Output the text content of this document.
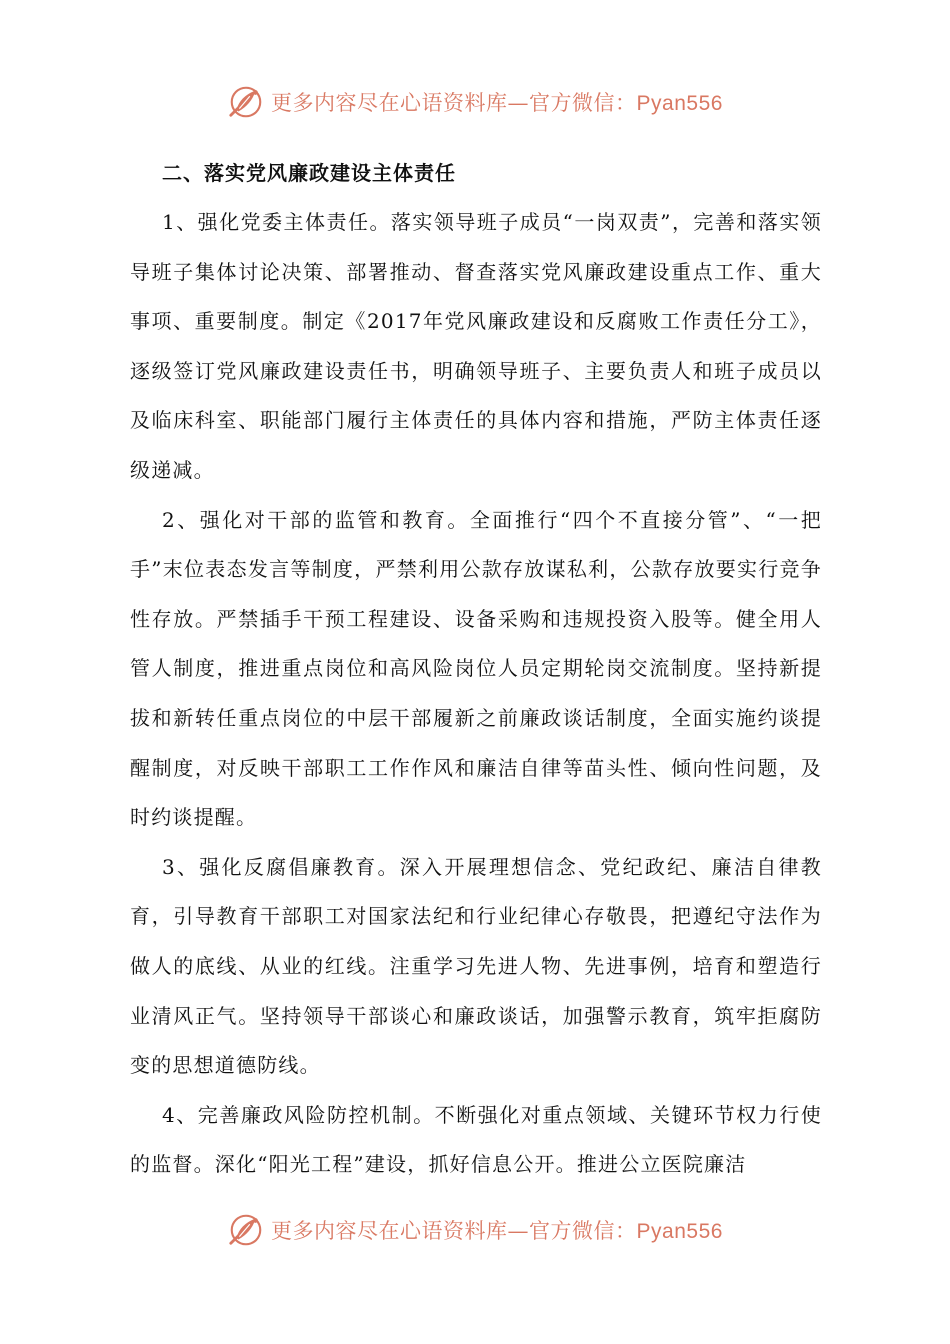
更多内容尽在心语资料库—官方微信：Pyan556

二、落实党风廉政建设主体责任

1、强化党委主体责任。落实领导班子成员“一岗双责”，完善和落实领导班子集体讨论决策、部署推动、督查落实党风廉政建设重点工作、重大事项、重要制度。制定《2017年党风廉政建设和反腐败工作责任分工》，逐级签订党风廉政建设责任书，明确领导班子、主要负责人和班子成员以及临床科室、职能部门履行主体责任的具体内容和措施，严防主体责任逐级递减。

2、强化对干部的监管和教育。全面推行“四个不直接分管”、“一把手”末位表态发言等制度，严禁利用公款存放谋私利，公款存放要实行竞争性存放。严禁插手干预工程建设、设备采购和违规投资入股等。健全用人管人制度，推进重点岗位和高风险岗位人员定期轮岗交流制度。坚持新提拔和新转任重点岗位的中层干部履新之前廉政谈话制度，全面实施约谈提醒制度，对反映干部职工工作作风和廉洁自律等苗头性、倾向性问题，及时约谈提醒。

3、强化反腐倡廉教育。深入开展理想信念、党纪政纪、廉洁自律教育，引导教育干部职工对国家法纪和行业纪律心存敬畏，把遵纪守法作为做人的底线、从业的红线。注重学习先进人物、先进事例，培育和塑造行业清风正气。坚持领导干部谈心和廉政谈话，加强警示教育，筑牢拒腐防变的思想道德防线。

4、完善廉政风险防控机制。不断强化对重点领域、关键环节权力行使的监督。深化“阳光工程”建设，抓好信息公开。推进公立医院廉洁

更多内容尽在心语资料库—官方微信：Pyan556
